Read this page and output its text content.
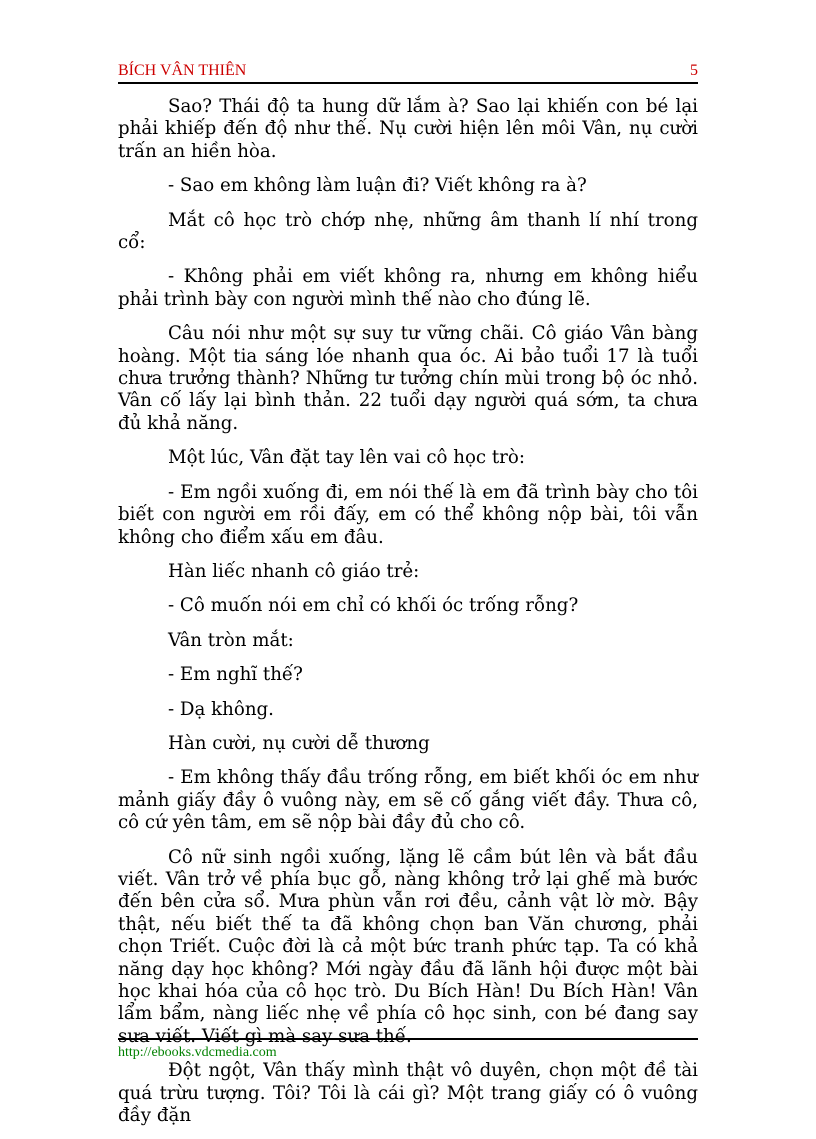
BÍCH VÂN THIÊN	5

Sao? Thái độ ta hung dữ lắm à? Sao lại khiến con bé lại phải khiếp đến độ như thế. Nụ cười hiện lên môi Vân, nụ cười trấn an hiền hòa.

- Sao em không làm luận đi? Viết không ra à?

Mắt cô học trò chớp nhẹ, những âm thanh lí nhí trong cổ:

- Không phải em viết không ra, nhưng em không hiểu phải trình bày con người mình thế nào cho đúng lẽ.

Câu nói như một sự suy tư vững chãi. Cô giáo Vân bàng hoàng. Một tia sáng lóe nhanh qua óc. Ai bảo tuổi 17 là tuổi chưa trưởng thành? Những tư tưởng chín mùi trong bộ óc nhỏ. Vân cố lấy lại bình thản. 22 tuổi dạy người quá sớm, ta chưa đủ khả năng.

Một lúc, Vân đặt tay lên vai cô học trò:

- Em ngồi xuống đi, em nói thế là em đã trình bày cho tôi biết con người em rồi đấy, em có thể không nộp bài, tôi vẫn không cho điểm xấu em đâu.

Hàn liếc nhanh cô giáo trẻ:

- Cô muốn nói em chỉ có khối óc trống rỗng?

Vân tròn mắt:

- Em nghĩ thế?

- Dạ không.

Hàn cười, nụ cười dễ thương

- Em không thấy đầu trống rỗng, em biết khối óc em như mảnh giấy đầy ô vuông này, em sẽ cố gắng viết đầy. Thưa cô, cô cứ yên tâm, em sẽ nộp bài đầy đủ cho cô.

Cô nữ sinh ngồi xuống, lặng lẽ cầm bút lên và bắt đầu viết. Vân trở về phía bục gỗ, nàng không trở lại ghế mà bước đến bên cửa sổ. Mưa phùn vẫn rơi đều, cảnh vật lờ mờ. Bậy thật, nếu biết thế ta đã không chọn ban Văn chương, phải chọn Triết. Cuộc đời là cả một bức tranh phức tạp. Ta có khả năng dạy học không? Mới ngày đầu đã lãnh hội được một bài học khai hóa của cô học trò. Du Bích Hàn! Du Bích Hàn! Vân lẩm bẩm, nàng liếc nhẹ về phía cô học sinh, con bé đang say sưa viết. Viết gì mà say sưa thế.

Đột ngột, Vân thấy mình thật vô duyên, chọn một đề tài quá trừu tượng. Tôi? Tôi là cái gì? Một trang giấy có ô vuông đầy đặn

http://ebooks.vdcmedia.com
